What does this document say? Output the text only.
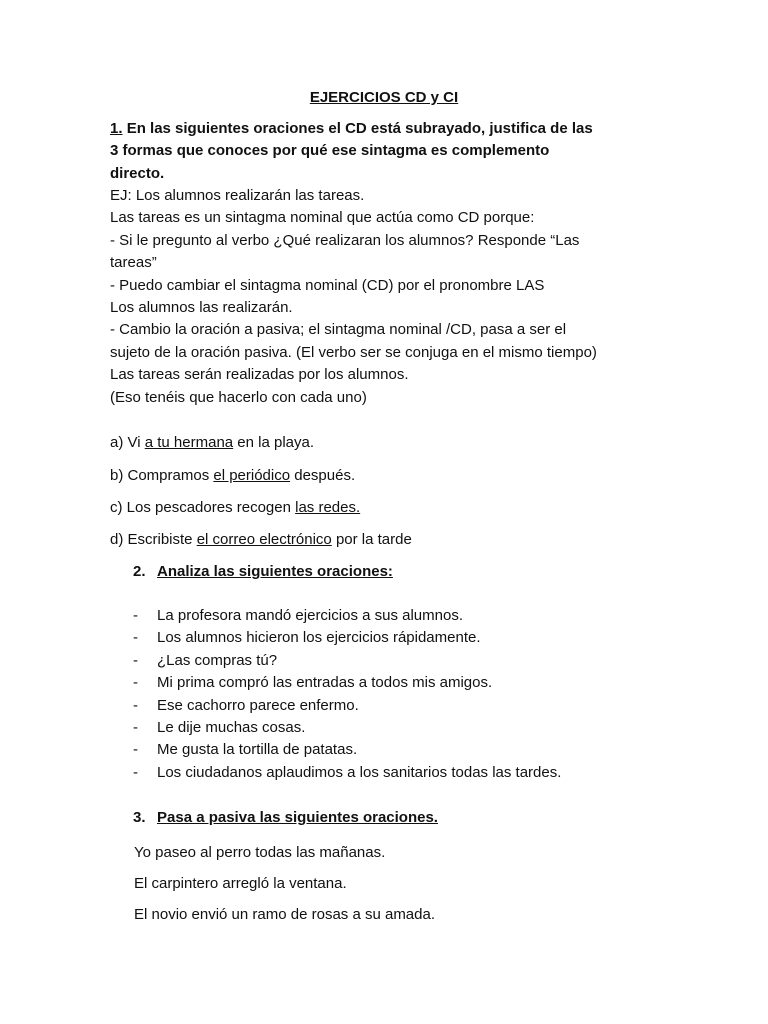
EJERCICIOS CD y CI
1. En las siguientes oraciones el CD está subrayado, justifica de las
3 formas que conoces por qué ese sintagma es complemento
directo.
EJ: Los alumnos realizarán las tareas.
Las tareas es un sintagma nominal que actúa como CD porque:
- Si le pregunto al verbo ¿Qué realizaran los alumnos? Responde “Las
tareas”
- Puedo cambiar el sintagma nominal (CD) por el pronombre LAS
Los alumnos las realizarán.
- Cambio la oración a pasiva; el sintagma nominal /CD, pasa a ser el
sujeto de la oración pasiva. (El verbo ser se conjuga en el mismo tiempo)
Las tareas serán realizadas por los alumnos.
(Eso tenéis que hacerlo con cada uno)
a) Vi a tu hermana en la playa.
b) Compramos el periódico después.
c) Los pescadores recogen las redes.
d) Escribiste el correo electrónico por la tarde
2. Analiza las siguientes oraciones:
- La profesora mandó ejercicios a sus alumnos.
- Los alumnos hicieron los ejercicios rápidamente.
- ¿Las compras tú?
- Mi prima compró las entradas a todos mis amigos.
- Ese cachorro parece enfermo.
- Le dije muchas cosas.
- Me gusta la tortilla de patatas.
- Los ciudadanos aplaudimos a los sanitarios todas las tardes.
3. Pasa a pasiva las siguientes oraciones.
Yo paseo al perro todas las mañanas.
El carpintero arregló la ventana.
El novio envió un ramo de rosas a su amada.
